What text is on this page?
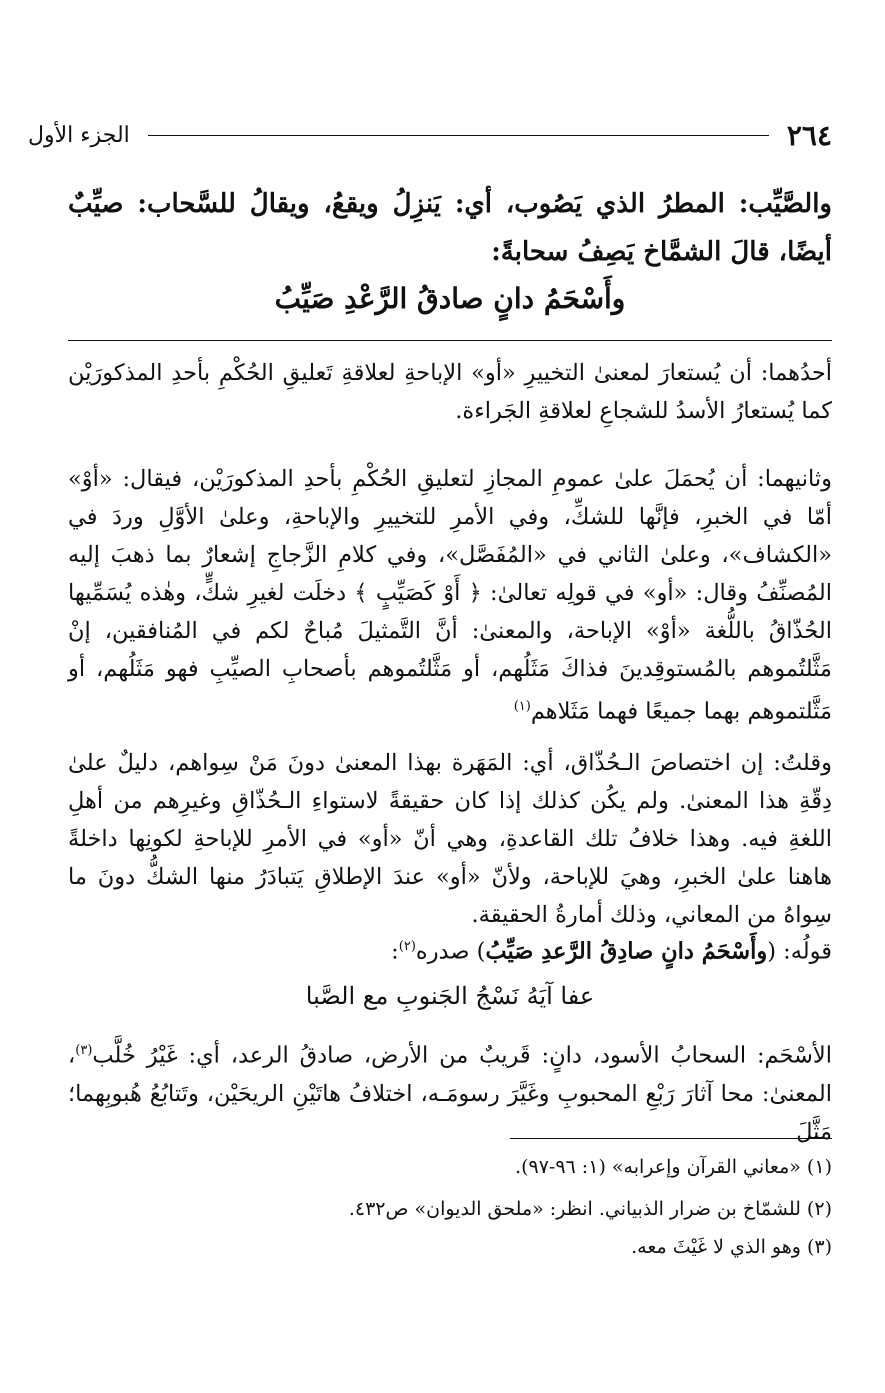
٢٦٤
الجزء الأول

والصَّيِّب: المطرُ الذي يَصُوب، أي: يَنزِلُ ويقعُ، ويقالُ للسَّحاب: صيِّبٌ أيضًا، قالَ الشمَّاخ يَصِفُ سحابةً:

وأَسْحَمُ دانٍ صادقُ الرَّعْدِ صَيِّبُ

أحدُهما: أن يُستعارَ لمعنىٰ التخييرِ «أو» الإباحةِ لعلاقةِ تَعليقِ الحُكْمِ بأحدِ المذكورَيْن كما يُستعارُ الأسدُ للشجاعِ لعلاقةِ الجَراءة.

وثانيهما: أن يُحمَلَ علىٰ عمومِ المجازِ لتعليقِ الحُكْمِ بأحدِ المذكورَيْن، فيقال: «أوْ» أمّا في الخبرِ، فإنَّها للشكِّ، وفي الأمرِ للتخييرِ والإباحةِ، وعلىٰ الأوَّلِ وردَ في «الكشاف»، وعلىٰ الثاني في «المُفَصَّل»، وفي كلامِ الزَّجاجِ إشعارٌ بما ذهبَ إليه المُصنِّفُ وقال: «أو» في قولِه تعالىٰ: ﴿ أَوْ كَصَيِّبٍ ﴾ دخلَت لغيرِ شكٍّ، وهٰذه يُسَمِّيها الحُذّاقُ باللُّغة «أوْ» الإباحة، والمعنىٰ: أنَّ التَّمثيلَ مُباحٌ لكم في المُنافقين، إنْ مَثَّلتُموهم بالمُستوقِدينَ فذاكَ مَثَلُهم، أو مَثَّلتُموهم بأصحابِ الصيِّبِ فهو مَثَلُهم، أو مَثَّلتموهم بهما جميعًا فهما مَثَلاهم$^{(١)}$

وقلتُ: إن اختصاصَ الـحُذّاق، أي: المَهَرة بهذا المعنىٰ دونَ مَنْ سِواهم، دليلٌ علىٰ دِقّةِ هذا المعنىٰ. ولم يكُن كذلك إذا كان حقيقةً لاستواءِ الـحُذّاقِ وغيرِهم من أهلِ اللغةِ فيه. وهذا خلافُ تلك القاعدةِ، وهي أنّ «أو» في الأمرِ للإباحةِ لكونِها داخلةً هاهنا علىٰ الخبرِ، وهيَ للإباحة، ولأنّ «أو» عندَ الإطلاقِ يَتبادَرُ منها الشكُّ دونَ ما سِواهُ من المعاني، وذلك أمارةُ الحقيقة.

قولُه: (وأَسْحَمُ دانٍ صادِقُ الرَّعدِ صَيِّبُ) صدره$^{(٢)}$:

عفا آيَهُ نَسْجُ الجَنوبِ مع الصَّبا

الأسْحَم: السحابُ الأسود، دانٍ: قَريبٌ من الأرض، صادقُ الرعد، أي: غَيْرُ خُلَّب$^{(٣)}$، المعنىٰ: محا آثارَ رَبْعِ المحبوبِ وغَيَّرَ رسومَـه، اختلافُ هاتَيْنِ الريحَيْن، وتَتابُعُ هُبوبِهما؛ مَثَّلَ

(١) «معاني القرآن وإعرابه» (١: ٩٦-٩٧).

(٢) للشمّاخ بن ضرار الذبياني. انظر: «ملحق الديوان» ص٤٣٢.

(٣) وهو الذي لا غَيْثَ معه.
